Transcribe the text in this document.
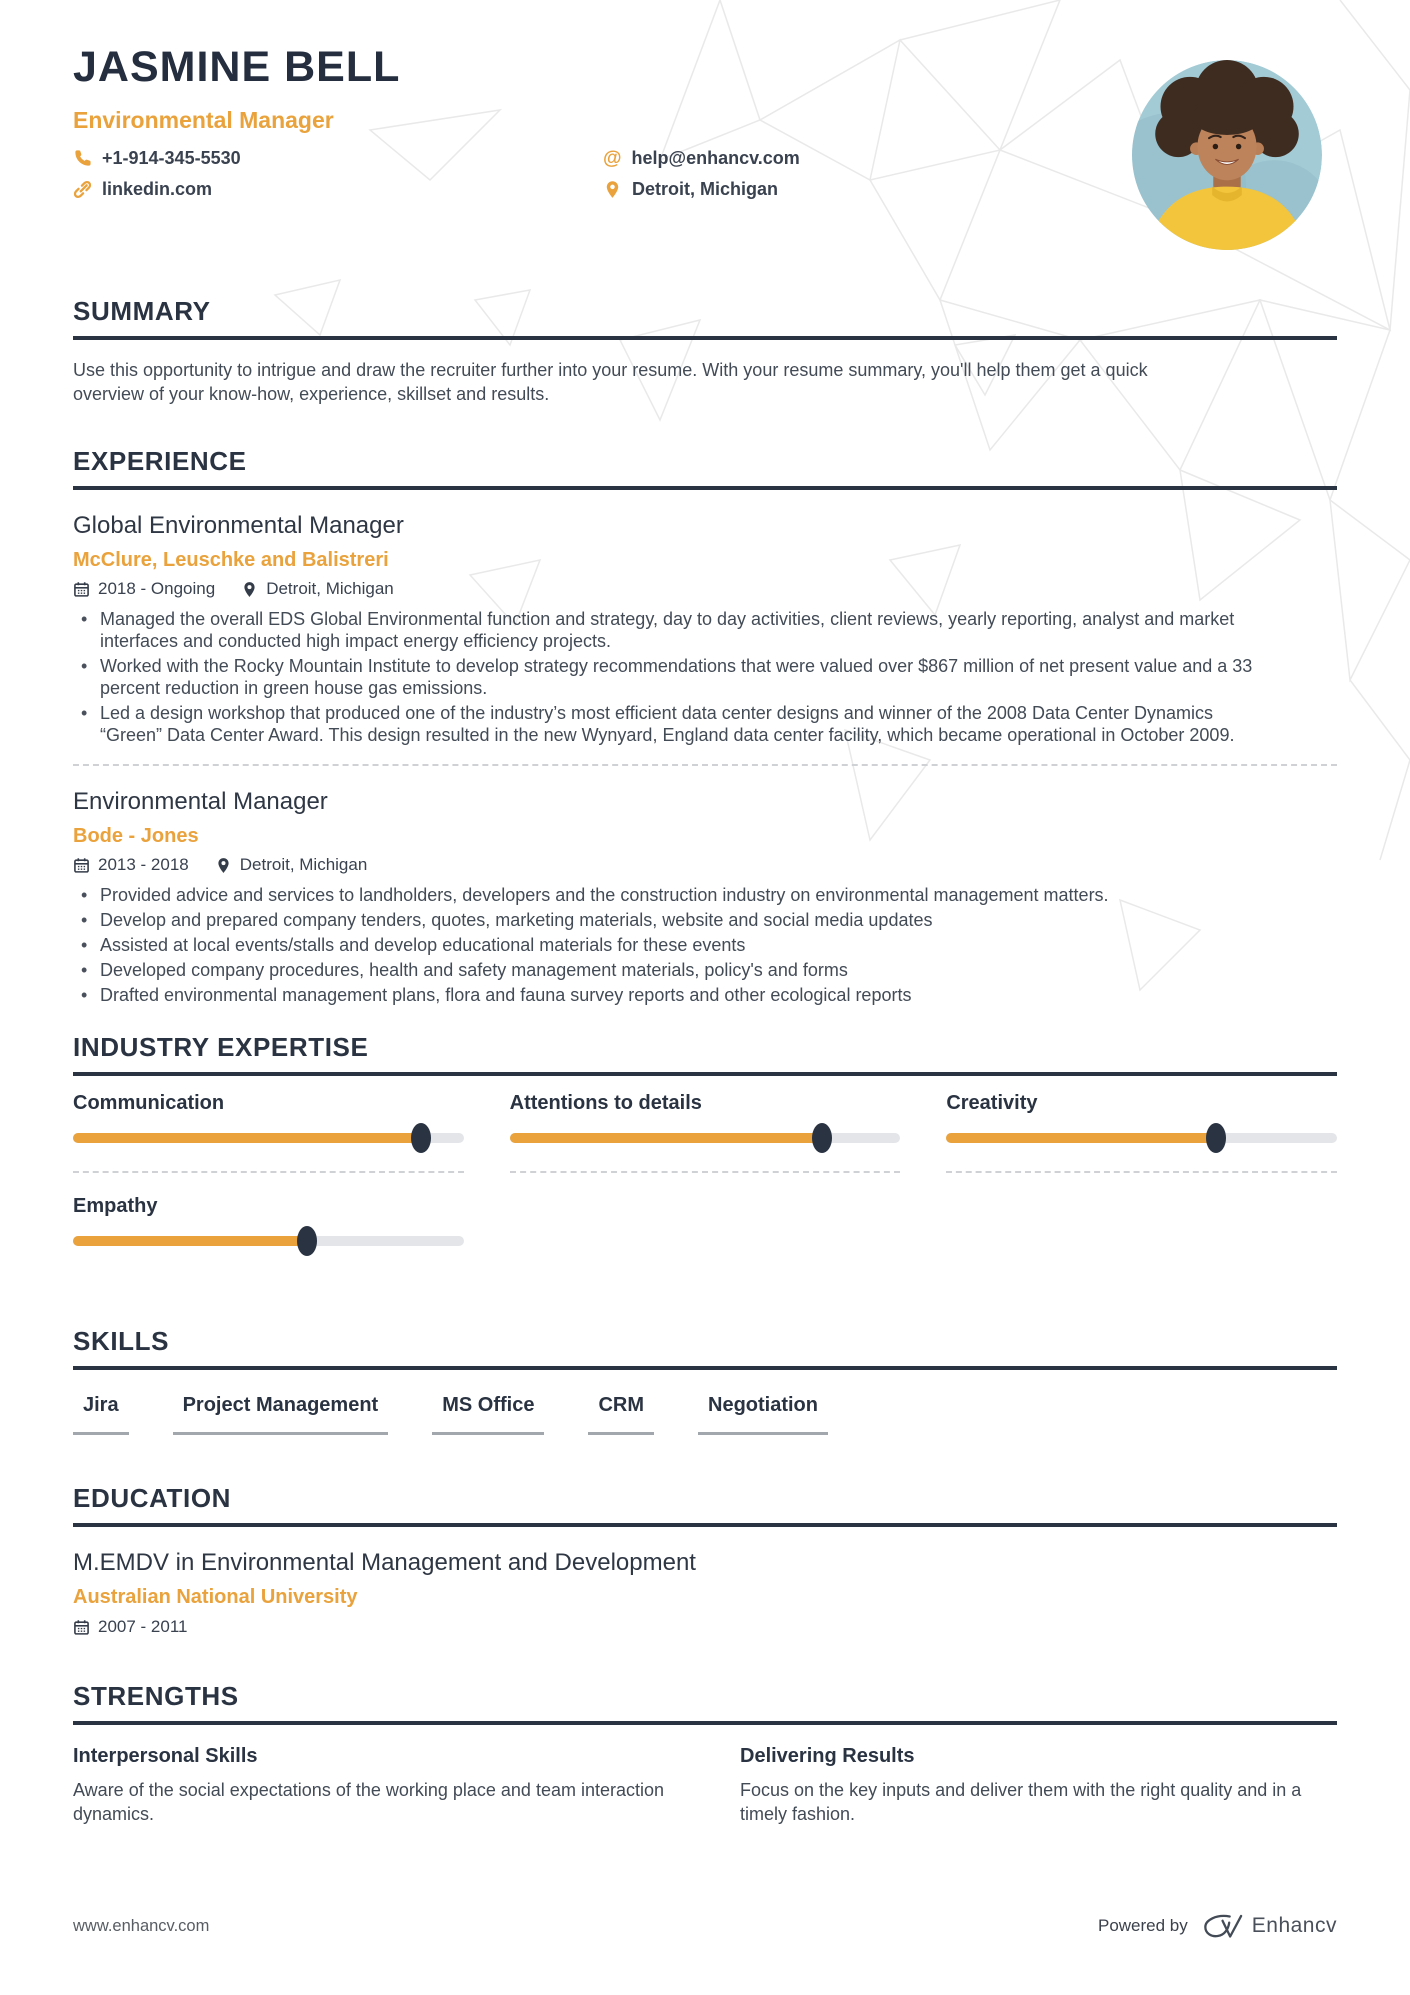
JASMINE BELL
Environmental Manager
+1-914-345-5530	@ help@enhancv.com
linkedin.com	Detroit, Michigan
SUMMARY

Use this opportunity to intrigue and draw the recruiter further into your resume. With your resume summary, you'll help them get a quick overview of your know-how, experience, skillset and results.

EXPERIENCE
Global Environmental Manager
McClure, Leuschke and Balistreri
2018 - Ongoing	Detroit, Michigan
• Managed the overall EDS Global Environmental function and strategy, day to day activities, client reviews, yearly reporting, analyst and market interfaces and conducted high impact energy efficiency projects.
• Worked with the Rocky Mountain Institute to develop strategy recommendations that were valued over $867 million of net present value and a 33 percent reduction in green house gas emissions.
• Led a design workshop that produced one of the industry’s most efficient data center designs and winner of the 2008 Data Center Dynamics “Green” Data Center Award. This design resulted in the new Wynyard, England data center facility, which became operational in October 2009.
Environmental Manager
Bode - Jones
2013 - 2018	Detroit, Michigan
• Provided advice and services to landholders, developers and the construction industry on environmental management matters.
• Develop and prepared company tenders, quotes, marketing materials, website and social media updates
• Assisted at local events/stalls and develop educational materials for these events
• Developed company procedures, health and safety management materials, policy's and forms
• Drafted environmental management plans, flora and fauna survey reports and other ecological reports
INDUSTRY EXPERTISE
Communication	Attentions to details	Creativity
Empathy
SKILLS
Jira	Project Management	MS Office	CRM	Negotiation
EDUCATION
M.EMDV in Environmental Management and Development
Australian National University
2007 - 2011
STRENGTHS
Interpersonal Skills

Aware of the social expectations of the working place and team interaction dynamics.

Delivering Results

Focus on the key inputs and deliver them with the right quality and in a timely fashion.

www.enhancv.com	Powered by	Enhancv
